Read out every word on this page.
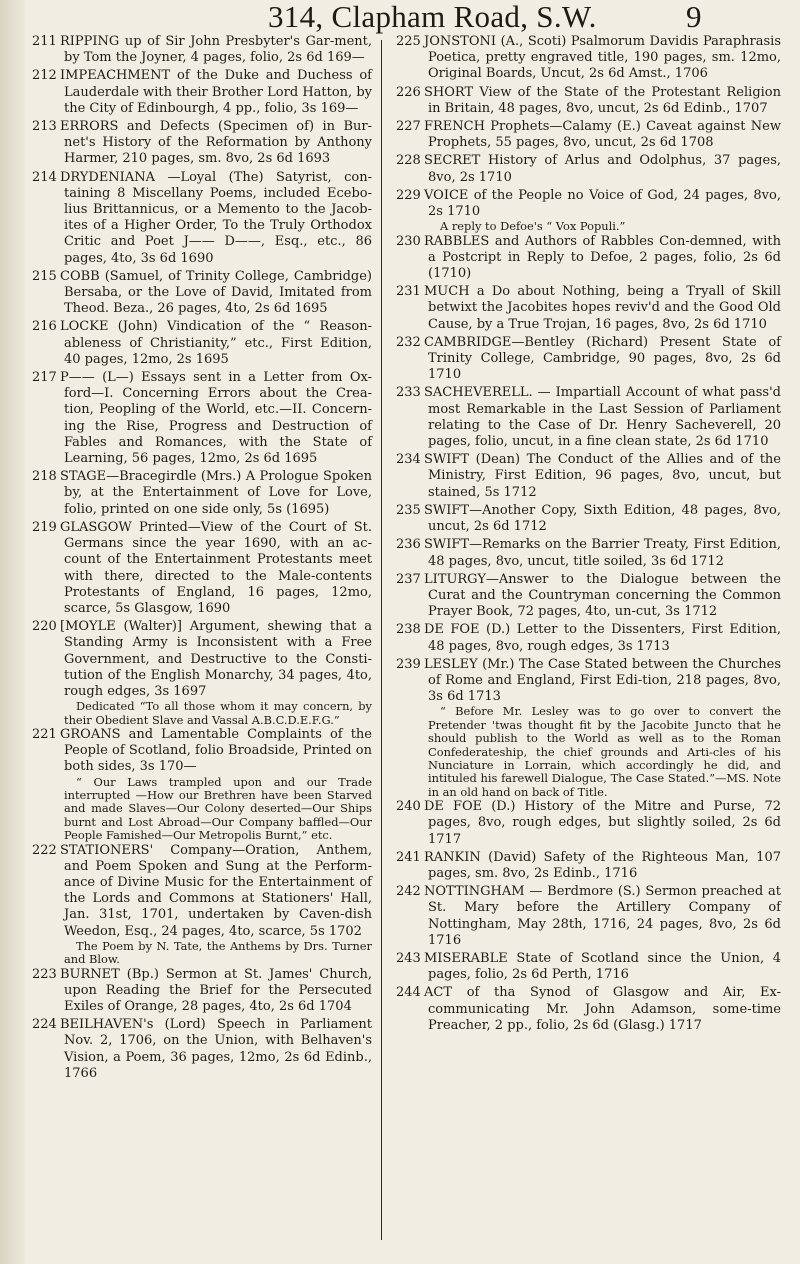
314, Clapham Road, S.W.	9
211 RIPPING up of Sir John Presbyter's Gar-ment, by Tom the Joyner, 4 pages, folio, 2s 6d 169—
212 IMPEACHMENT of the Duke and Duchess of Lauderdale with their Brother Lord Hatton, by the City of Edinbourgh, 4 pp., folio, 3s 169—
213 ERRORS and Defects (Specimen of) in Bur-net's History of the Reformation by Anthony Harmer, 210 pages, sm. 8vo, 2s 6d 1693
214 DRYDENIANA —Loyal (The) Satyrist, con-taining 8 Miscellany Poems, included Ecebo-lius Brittannicus, or a Memento to the Jacob-ites of a Higher Order, To the Truly Orthodox Critic and Poet J—— D——, Esq., etc., 86 pages, 4to, 3s 6d 1690
215 COBB (Samuel, of Trinity College, Cambridge) Bersaba, or the Love of David, Imitated from Theod. Beza., 26 pages, 4to, 2s 6d 1695
216 LOCKE (John) Vindication of the “ Reason-ableness of Christianity,” etc., First Edition, 40 pages, 12mo, 2s 1695
217 P—— (L—) Essays sent in a Letter from Ox-ford—I. Concerning Errors about the Crea-tion, Peopling of the World, etc.—II. Concern-ing the Rise, Progress and Destruction of Fables and Romances, with the State of Learning, 56 pages, 12mo, 2s 6d 1695
218 STAGE—Bracegirdle (Mrs.) A Prologue Spoken by, at the Entertainment of Love for Love, folio, printed on one side only, 5s (1695)
219 GLASGOW Printed—View of the Court of St. Germans since the year 1690, with an ac-count of the Entertainment Protestants meet with there, directed to the Male-contents Protestants of England, 16 pages, 12mo, scarce, 5s Glasgow, 1690
220 [MOYLE (Walter)] Argument, shewing that a Standing Army is Inconsistent with a Free Government, and Destructive to the Consti-tution of the English Monarchy, 34 pages, 4to, rough edges, 3s 1697
Dedicated “To all those whom it may concern, by their Obedient Slave and Vassal A.B.C.D.E.F.G.”
221 GROANS and Lamentable Complaints of the People of Scotland, folio Broadside, Printed on both sides, 3s 170—
“ Our Laws trampled upon and our Trade interrupted —How our Brethren have been Starved and made Slaves—Our Colony deserted—Our Ships burnt and Lost Abroad—Our Company baffled—Our People Famished—Our Metropolis Burnt,” etc.
222 STATIONERS' Company—Oration, Anthem, and Poem Spoken and Sung at the Perform-ance of Divine Music for the Entertainment of the Lords and Commons at Stationers' Hall, Jan. 31st, 1701, undertaken by Caven-dish Weedon, Esq., 24 pages, 4to, scarce, 5s 1702
The Poem by N. Tate, the Anthems by Drs. Turner and Blow.
223 BURNET (Bp.) Sermon at St. James' Church, upon Reading the Brief for the Persecuted Exiles of Orange, 28 pages, 4to, 2s 6d 1704
224 BEILHAVEN's (Lord) Speech in Parliament Nov. 2, 1706, on the Union, with Belhaven's Vision, a Poem, 36 pages, 12mo, 2s 6d Edinb., 1766
225 JONSTONI (A., Scoti) Psalmorum Davidis Paraphrasis Poetica, pretty engraved title, 190 pages, sm. 12mo, Original Boards, Uncut, 2s 6d Amst., 1706
226 SHORT View of the State of the Protestant Religion in Britain, 48 pages, 8vo, uncut, 2s 6d Edinb., 1707
227 FRENCH Prophets—Calamy (E.) Caveat against New Prophets, 55 pages, 8vo, uncut, 2s 6d 1708
228 SECRET History of Arlus and Odolphus, 37 pages, 8vo, 2s 1710
229 VOICE of the People no Voice of God, 24 pages, 8vo, 2s 1710
A reply to Defoe's “ Vox Populi.”
230 RABBLES and Authors of Rabbles Con-demned, with a Postcript in Reply to Defoe, 2 pages, folio, 2s 6d (1710)
231 MUCH a Do about Nothing, being a Tryall of Skill betwixt the Jacobites hopes reviv'd and the Good Old Cause, by a True Trojan, 16 pages, 8vo, 2s 6d 1710
232 CAMBRIDGE—Bentley (Richard) Present State of Trinity College, Cambridge, 90 pages, 8vo, 2s 6d 1710
233 SACHEVERELL. — Impartiall Account of what pass'd most Remarkable in the Last Session of Parliament relating to the Case of Dr. Henry Sacheverell, 20 pages, folio, uncut, in a fine clean state, 2s 6d 1710
234 SWIFT (Dean) The Conduct of the Allies and of the Ministry, First Edition, 96 pages, 8vo, uncut, but stained, 5s 1712
235 SWIFT—Another Copy, Sixth Edition, 48 pages, 8vo, uncut, 2s 6d 1712
236 SWIFT—Remarks on the Barrier Treaty, First Edition, 48 pages, 8vo, uncut, title soiled, 3s 6d 1712
237 LITURGY—Answer to the Dialogue between the Curat and the Countryman concerning the Common Prayer Book, 72 pages, 4to, un-cut, 3s 1712
238 DE FOE (D.) Letter to the Dissenters, First Edition, 48 pages, 8vo, rough edges, 3s 1713
239 LESLEY (Mr.) The Case Stated between the Churches of Rome and England, First Edi-tion, 218 pages, 8vo, 3s 6d 1713
“ Before Mr. Lesley was to go over to convert the Pretender 'twas thought fit by the Jacobite Juncto that he should publish to the World as well as to the Roman Confederateship, the chief grounds and Arti-cles of his Nunciature in Lorrain, which accordingly he did, and intituled his farewell Dialogue, The Case Stated.”—MS. Note in an old hand on back of Title.
240 DE FOE (D.) History of the Mitre and Purse, 72 pages, 8vo, rough edges, but slightly soiled, 2s 6d 1717
241 RANKIN (David) Safety of the Righteous Man, 107 pages, sm. 8vo, 2s Edinb., 1716
242 NOTTINGHAM — Berdmore (S.) Sermon preached at St. Mary before the Artillery Company of Nottingham, May 28th, 1716, 24 pages, 8vo, 2s 6d 1716
243 MISERABLE State of Scotland since the Union, 4 pages, folio, 2s 6d Perth, 1716
244 ACT of tha Synod of Glasgow and Air, Ex-communicating Mr. John Adamson, some-time Preacher, 2 pp., folio, 2s 6d (Glasg.) 1717
